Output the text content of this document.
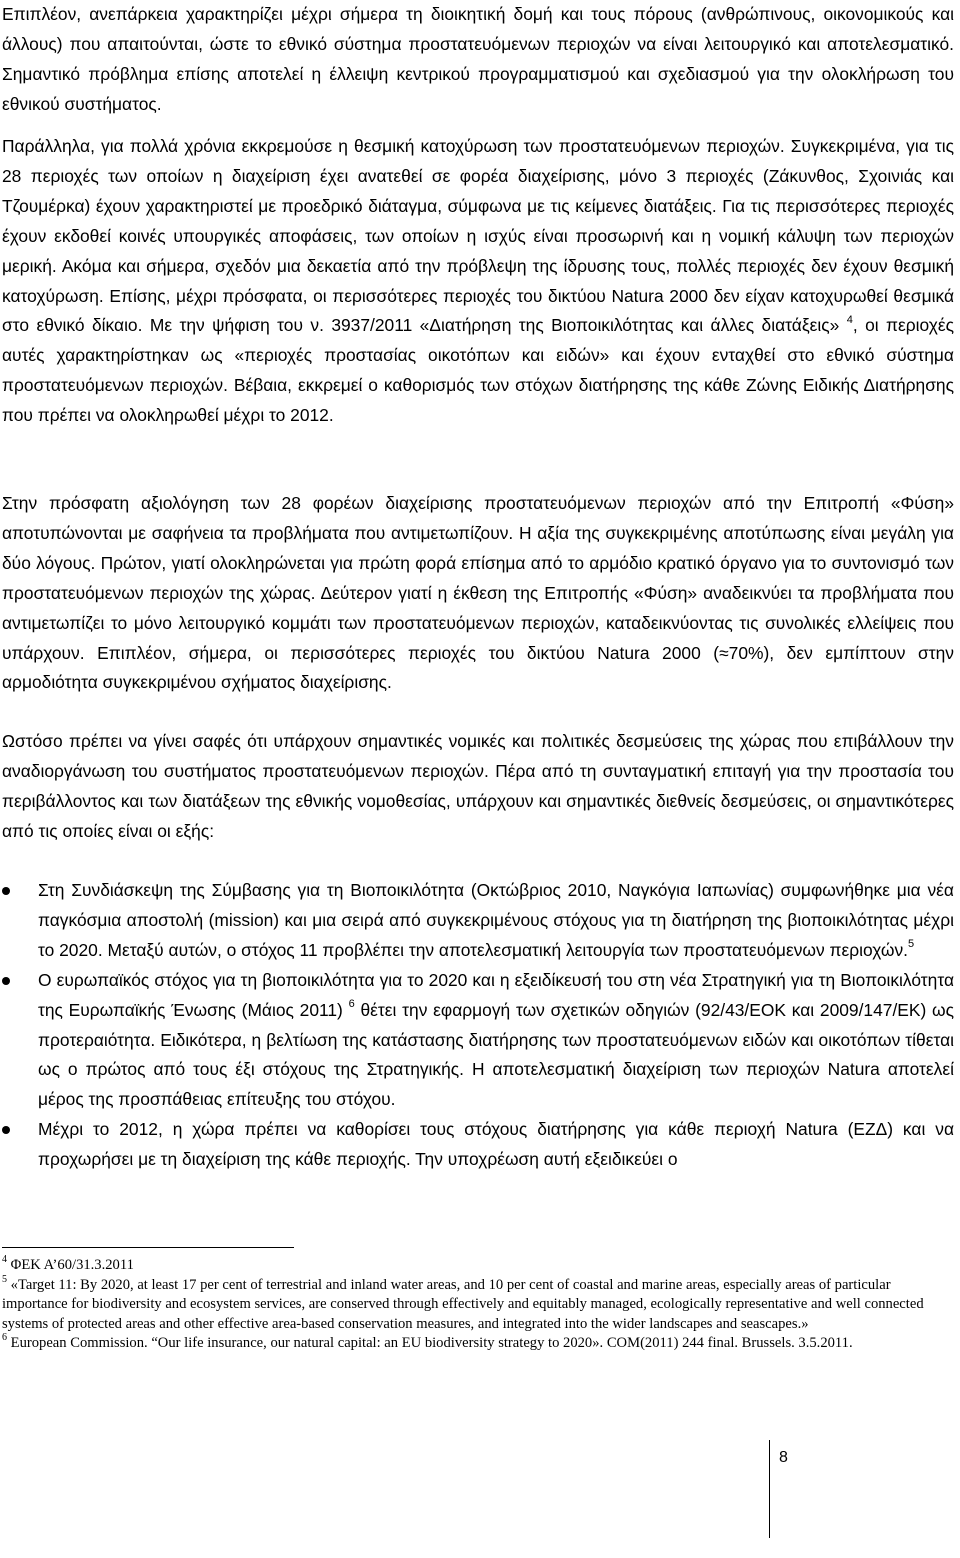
Επιπλέον, ανεπάρκεια χαρακτηρίζει μέχρι σήμερα τη διοικητική δομή και τους πόρους (ανθρώπινους, οικονομικούς και άλλους) που απαιτούνται, ώστε το εθνικό σύστημα προστατευόμενων περιοχών να είναι λειτουργικό και αποτελεσματικό. Σημαντικό πρόβλημα επίσης αποτελεί η έλλειψη κεντρικού προγραμματισμού και σχεδιασμού για την ολοκλήρωση του εθνικού συστήματος.

Παράλληλα, για πολλά χρόνια εκκρεμούσε η θεσμική κατοχύρωση των προστατευόμενων περιοχών. Συγκεκριμένα, για τις 28 περιοχές των οποίων η διαχείριση έχει ανατεθεί σε φορέα διαχείρισης, μόνο 3 περιοχές (Ζάκυνθος, Σχοινιάς και Τζουμέρκα) έχουν χαρακτηριστεί με προεδρικό διάταγμα, σύμφωνα με τις κείμενες διατάξεις. Για τις περισσότερες περιοχές έχουν εκδοθεί κοινές υπουργικές αποφάσεις, των οποίων η ισχύς είναι προσωρινή και η νομική κάλυψη των περιοχών μερική. Ακόμα και σήμερα, σχεδόν μια δεκαετία από την πρόβλεψη της ίδρυσης τους, πολλές περιοχές δεν έχουν θεσμική κατοχύρωση. Επίσης, μέχρι πρόσφατα, οι περισσότερες περιοχές του δικτύου Natura 2000 δεν είχαν κατοχυρωθεί θεσμικά στο εθνικό δίκαιο. Με την ψήφιση του ν. 3937/2011 «Διατήρηση της Βιοποικιλότητας και άλλες διατάξεις» $^4$, οι περιοχές αυτές χαρακτηρίστηκαν ως «περιοχές προστασίας οικοτόπων και ειδών» και έχουν ενταχθεί στο εθνικό σύστημα προστατευόμενων περιοχών. Βέβαια, εκκρεμεί ο καθορισμός των στόχων διατήρησης της κάθε Ζώνης Ειδικής Διατήρησης που πρέπει να ολοκληρωθεί μέχρι το 2012.

Στην πρόσφατη αξιολόγηση των 28 φορέων διαχείρισης προστατευόμενων περιοχών από την Επιτροπή «Φύση» αποτυπώνονται με σαφήνεια τα προβλήματα που αντιμετωπίζουν. Η αξία της συγκεκριμένης αποτύπωσης είναι μεγάλη για δύο λόγους. Πρώτον, γιατί ολοκληρώνεται για πρώτη φορά επίσημα από το αρμόδιο κρατικό όργανο για το συντονισμό των προστατευόμενων περιοχών της χώρας. Δεύτερον γιατί η έκθεση της Επιτροπής «Φύση» αναδεικνύει τα προβλήματα που αντιμετωπίζει το μόνο λειτουργικό κομμάτι των προστατευόμενων περιοχών, καταδεικνύοντας τις συνολικές ελλείψεις που υπάρχουν. Επιπλέον, σήμερα, οι περισσότερες περιοχές του δικτύου Natura 2000 (≈70%), δεν εμπίπτουν στην αρμοδιότητα συγκεκριμένου σχήματος διαχείρισης.

Ωστόσο πρέπει να γίνει σαφές ότι υπάρχουν σημαντικές νομικές και πολιτικές δεσμεύσεις της χώρας που επιβάλλουν την αναδιοργάνωση του συστήματος προστατευόμενων περιοχών. Πέρα από τη συνταγματική επιταγή για την προστασία του περιβάλλοντος και των διατάξεων της εθνικής νομοθεσίας, υπάρχουν και σημαντικές διεθνείς δεσμεύσεις, οι σημαντικότερες από τις οποίες είναι οι εξής:

Στη Συνδιάσκεψη της Σύμβασης για τη Βιοποικιλότητα (Οκτώβριος 2010, Ναγκόγια Ιαπωνίας) συμφωνήθηκε μια νέα παγκόσμια αποστολή (mission) και μια σειρά από συγκεκριμένους στόχους για τη διατήρηση της βιοποικιλότητας μέχρι το 2020. Μεταξύ αυτών, ο στόχος 11 προβλέπει την αποτελεσματική λειτουργία των προστατευόμενων περιοχών.$^5$
Ο ευρωπαϊκός στόχος για τη βιοποικιλότητα για το 2020 και η εξειδίκευσή του στη νέα Στρατηγική για τη Βιοποικιλότητα της Ευρωπαϊκής Ένωσης (Μάιος 2011) $^6$ θέτει την εφαρμογή των σχετικών οδηγιών (92/43/ΕΟΚ και 2009/147/ΕΚ) ως προτεραιότητα. Ειδικότερα, η βελτίωση της κατάστασης διατήρησης των προστατευόμενων ειδών και οικοτόπων τίθεται ως ο πρώτος από τους έξι στόχους της Στρατηγικής. Η αποτελεσματική διαχείριση των περιοχών Natura αποτελεί μέρος της προσπάθειας επίτευξης του στόχου.
Μέχρι το 2012, η χώρα πρέπει να καθορίσει τους στόχους διατήρησης για κάθε περιοχή Natura (ΕΖΔ) και να προχωρήσει με τη διαχείριση της κάθε περιοχής. Την υποχρέωση αυτή εξειδικεύει ο

$^4$ ΦΕΚ Α’60/31.3.2011

$^5$ «Target 11: By 2020, at least 17 per cent of terrestrial and inland water areas, and 10 per cent of coastal and marine areas, especially areas of particular importance for biodiversity and ecosystem services, are conserved through effectively and equitably managed, ecologically representative and well connected systems of protected areas and other effective area-based conservation measures, and integrated into the wider landscapes and seascapes.»

$^6$ European Commission. “Our life insurance, our natural capital: an EU biodiversity strategy to 2020». COM(2011) 244 final. Brussels. 3.5.2011.

8
